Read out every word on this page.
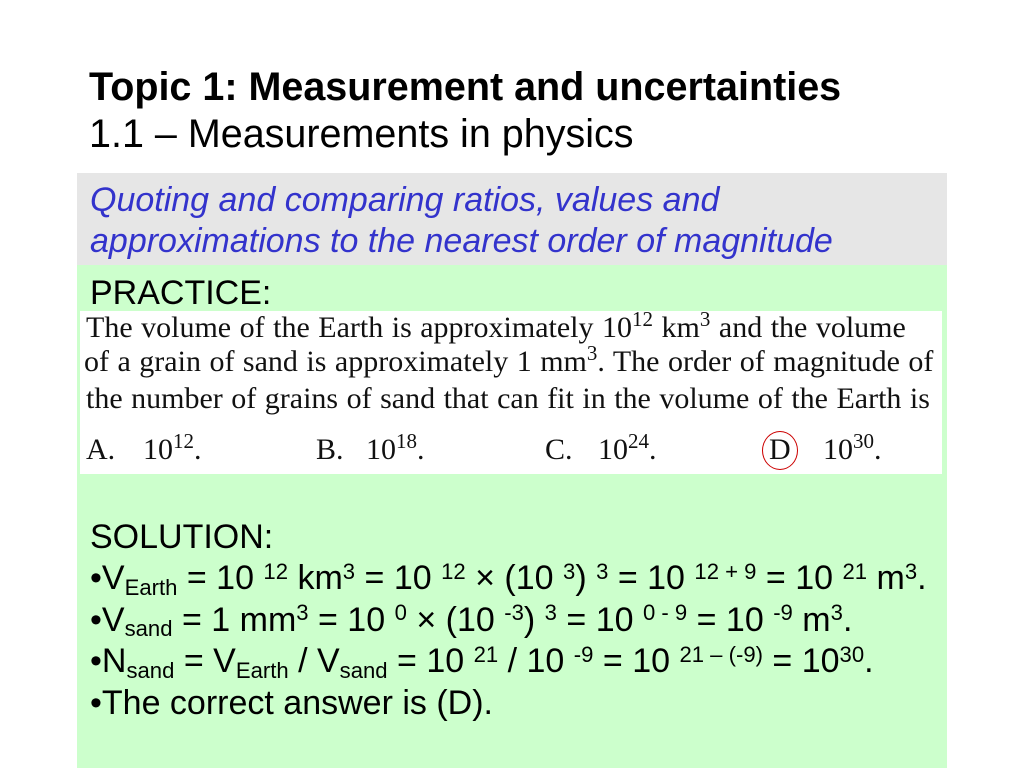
Topic 1: Measurement and uncertainties
1.1 – Measurements in physics
Quoting and comparing ratios, values and
approximations to the nearest order of magnitude
PRACTICE:
The volume of the Earth is approximately $10^{12}$ $km^3$ and the volume
of a grain of sand is approximately 1 $mm^3$. The order of magnitude of
the number of grains of sand that can fit in the volume of the Earth is
A. $10^{12}$.	B. $10^{18}$.	C. $10^{24}$.	D $10^{30}$.
SOLUTION:
•VEarth = 10 $^{12}$ $km^3 = 10$ $^{12}$ × (10 $^3$) $^3$ = 10 $^{12 + 9}$ = 10 $^{21}$ $m^3$.
•Vsand = 1 $mm^3 = 10$ $^0$ × (10 $^{-3}$) $^3$ = 10 $^{0 - 9}$ = 10 $^{-9}$ $m^3$.
•Nsand = VEarth / Vsand = 10 $^{21}$ / 10 $^{-9}$ = 10 $^{21 - (-9)} = 10^{30}$.
•The correct answer is (D).
